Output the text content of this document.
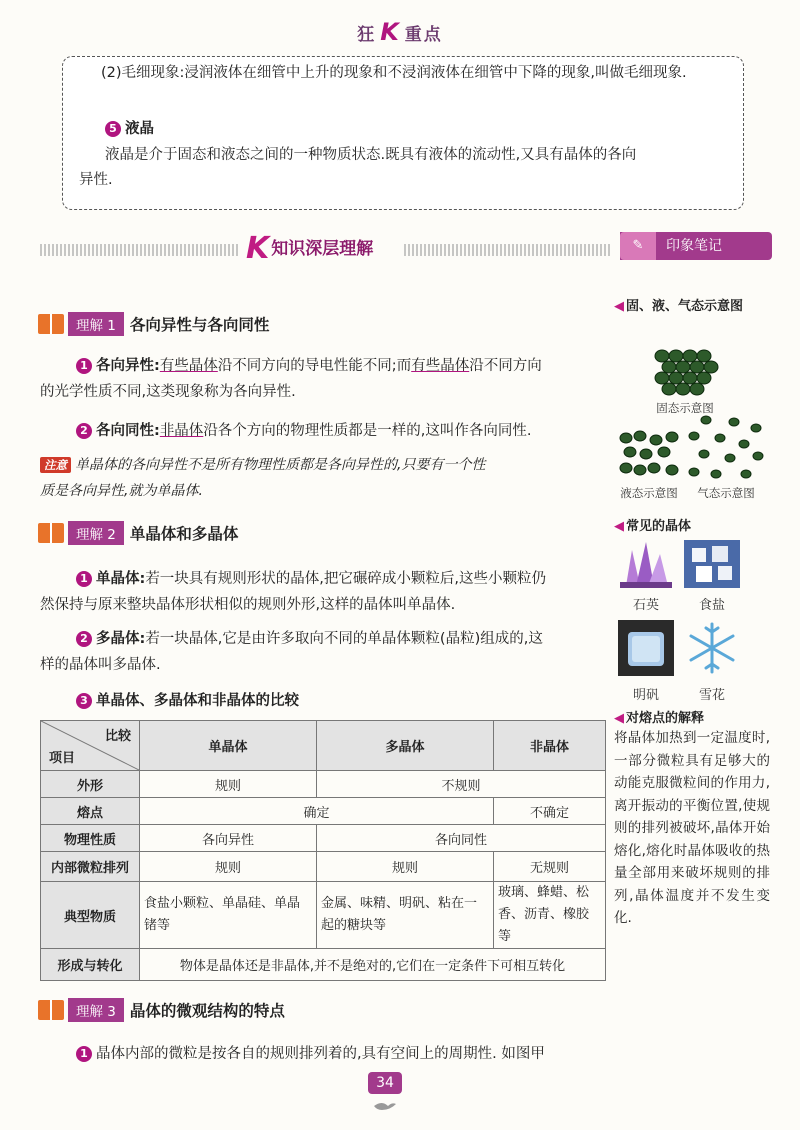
狂 K 重点

(2)毛细现象:浸润液体在细管中上升的现象和不浸润液体在细管中下降的现象,叫做毛细现象.

5 液晶

液晶是介于固态和液态之间的一种物质状态.既具有液体的流动性,又具有晶体的各向

异性.

K知识深层理解	✎	印象笔记
理解 1 各向异性与各向同性
1 各向异性:有些晶体沿不同方向的导电性能不同;而有些晶体沿不同方向
的光学性质不同,这类现象称为各向异性.
2 各向同性:非晶体沿各个方向的物理性质都是一样的,这叫作各向同性.
注意 单晶体的各向异性不是所有物理性质都是各向异性的,只要有一个性
质是各向异性,就为单晶体.
理解 2 单晶体和多晶体
1 单晶体:若一块具有规则形状的晶体,把它碾碎成小颗粒后,这些小颗粒仍
然保持与原来整块晶体形状相似的规则外形,这样的晶体叫单晶体.
2 多晶体:若一块晶体,它是由许多取向不同的单晶体颗粒(晶粒)组成的,这
样的晶体叫多晶体.
3 单晶体、多晶体和非晶体的比较
比较
项目	单晶体	多晶体	非晶体
外形	规则	不规则	
熔点	确定		不确定
物理性质	各向异性	各向同性	
内部微粒排列	规则	规则	无规则
典型物质	食盐小颗粒、单晶硅、单晶锗等	金属、味精、明矾、粘在一起的糖块等	玻璃、蜂蜡、松香、沥青、橡胶等
形成与转化	物体是晶体还是非晶体,并不是绝对的,它们在一定条件下可相互转化		
理解 3 晶体的微观结构的特点
1 晶体内部的微粒是按各自的规则排列着的,具有空间上的周期性. 如图甲
◀ 固、液、气态示意图
固态示意图
液态示意图	气态示意图
◀ 常见的晶体
石英	食盐
明矾	雪花
◀ 对熔点的解释
将晶体加热到一定温度时,一部分微粒具有足够大的动能克服微粒间的作用力,离开振动的平衡位置,使规则的排列被破坏,晶体开始熔化,熔化时晶体吸收的热量全部用来破坏规则的排列,晶体温度并不发生变化.
34
